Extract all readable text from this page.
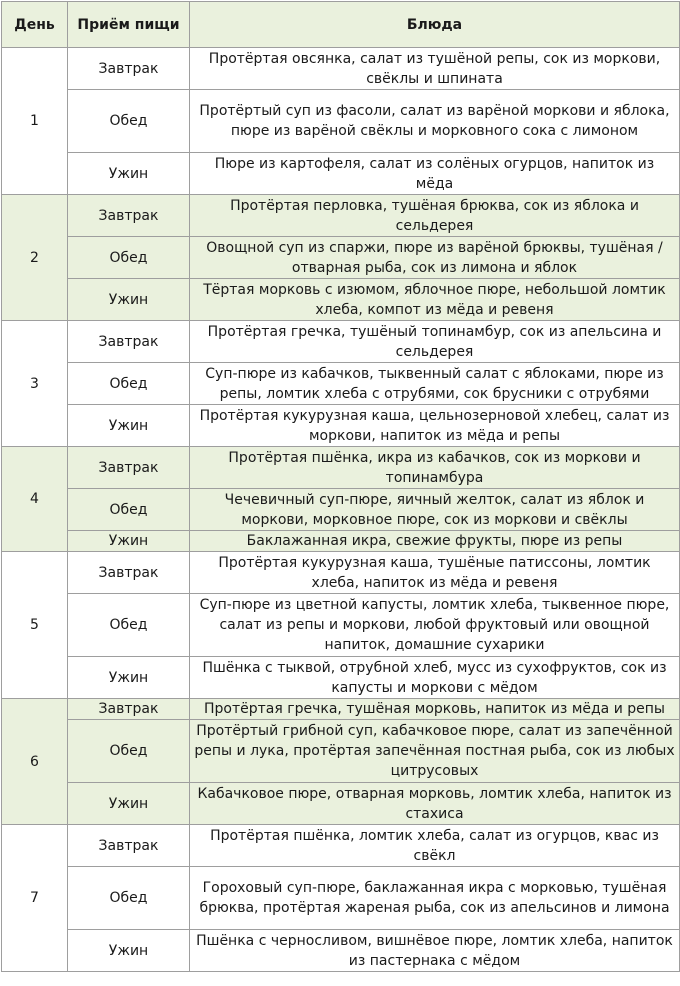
День	Приём пищи	Блюда
1	Завтрак	Протёртая овсянка, салат из тушёной репы, сок из моркови, свёклы и шпината
	Обед	Протёртый суп из фасоли, салат из варёной моркови и яблока, пюре из варёной свёклы и морковного сока с лимоном
	Ужин	Пюре из картофеля, салат из солёных огурцов, напиток из мёда
2	Завтрак	Протёртая перловка, тушёная брюква, сок из яблока и сельдерея
	Обед	Овощной суп из спаржи, пюре из варёной брюквы, тушёная / отварная рыба, сок из лимона и яблок
	Ужин	Тёртая морковь с изюмом, яблочное пюре, небольшой ломтик хлеба, компот из мёда и ревеня
3	Завтрак	Протёртая гречка, тушёный топинамбур, сок из апельсина и сельдерея
	Обед	Суп-пюре из кабачков, тыквенный салат с яблоками, пюре из репы, ломтик хлеба с отрубями, сок брусники с отрубями
	Ужин	Протёртая кукурузная каша, цельнозерновой хлебец, салат из моркови, напиток из мёда и репы
4	Завтрак	Протёртая пшёнка, икра из кабачков, сок из моркови и топинамбура
	Обед	Чечевичный суп-пюре, яичный желток, салат из яблок и моркови, морковное пюре, сок из моркови и свёклы
	Ужин	Баклажанная икра, свежие фрукты, пюре из репы
5	Завтрак	Протёртая кукурузная каша, тушёные патиссоны, ломтик хлеба, напиток из мёда и ревеня
	Обед	Суп-пюре из цветной капусты, ломтик хлеба, тыквенное пюре, салат из репы и моркови, любой фруктовый или овощной напиток, домашние сухарики
	Ужин	Пшёнка с тыквой, отрубной хлеб, мусс из сухофруктов, сок из капусты и моркови с мёдом
6	Завтрак	Протёртая гречка, тушёная морковь, напиток из мёда и репы
	Обед	Протёртый грибной суп, кабачковое пюре, салат из запечённой репы и лука, протёртая запечённая постная рыба, сок из любых цитрусовых
	Ужин	Кабачковое пюре, отварная морковь, ломтик хлеба, напиток из стахиса
7	Завтрак	Протёртая пшёнка, ломтик хлеба, салат из огурцов, квас из свёкл
	Обед	Гороховый суп-пюре, баклажанная икра с морковью, тушёная брюква, протёртая жареная рыба, сок из апельсинов и лимона
	Ужин	Пшёнка с черносливом, вишнёвое пюре, ломтик хлеба, напиток из пастернака с мёдом
